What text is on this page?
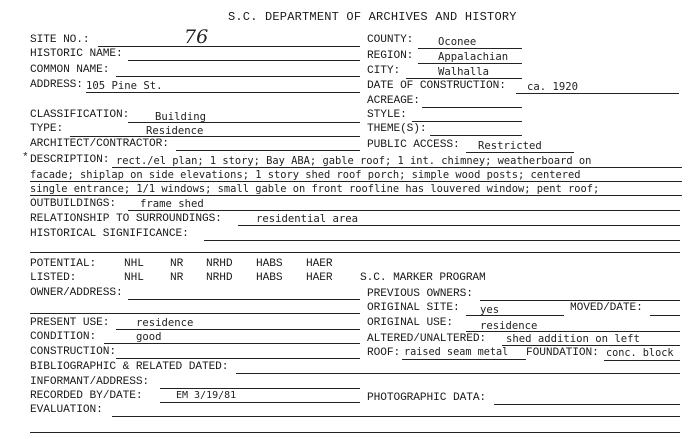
S.C. DEPARTMENT OF ARCHIVES AND HISTORY
SITE NO.:	76
HISTORIC NAME:
COMMON NAME:
ADDRESS: 105 Pine St.
COUNTY: Oconee
REGION: Appalachian
CITY:	Walhalla
DATE OF CONSTRUCTION: ca. 1920
ACREAGE:
CLASSIFICATION: Building
TYPE:	Residence
ARCHITECT/CONTRACTOR:
STYLE:
THEME(S):
PUBLIC ACCESS: Restricted
* DESCRIPTION: rect./el plan; 1 story; Bay ABA; gable roof; 1 int. chimney; weatherboard on
facade; shiplap on side elevations; 1 story shed roof porch; simple wood posts; centered
single entrance; 1/1 windows; small gable on front roofline has louvered window; pent roof;
OUTBUILDINGS: frame shed
RELATIONSHIP TO SURROUNDINGS:	residential area
HISTORICAL SIGNIFICANCE:
POTENTIAL: NHL NR NRHD HABS HAER
LISTED:	NHL NR NRHD HABS HAER S.C. MARKER PROGRAM
OWNER/ADDRESS:	PREVIOUS OWNERS:
ORIGINAL SITE: yes	MOVED/DATE:
PRESENT USE:	residence	ORIGINAL USE:	residence
CONDITION:	good	ALTERED/UNALTERED: shed addition on left
CONSTRUCTION:	ROOF: raised seam metal FOUNDATION: conc. block
BIBLIOGRAPHIC & RELATED DATED:
INFORMANT/ADDRESS:
RECORDED BY/DATE:	EM 3/19/81	PHOTOGRAPHIC DATA:
EVALUATION:
